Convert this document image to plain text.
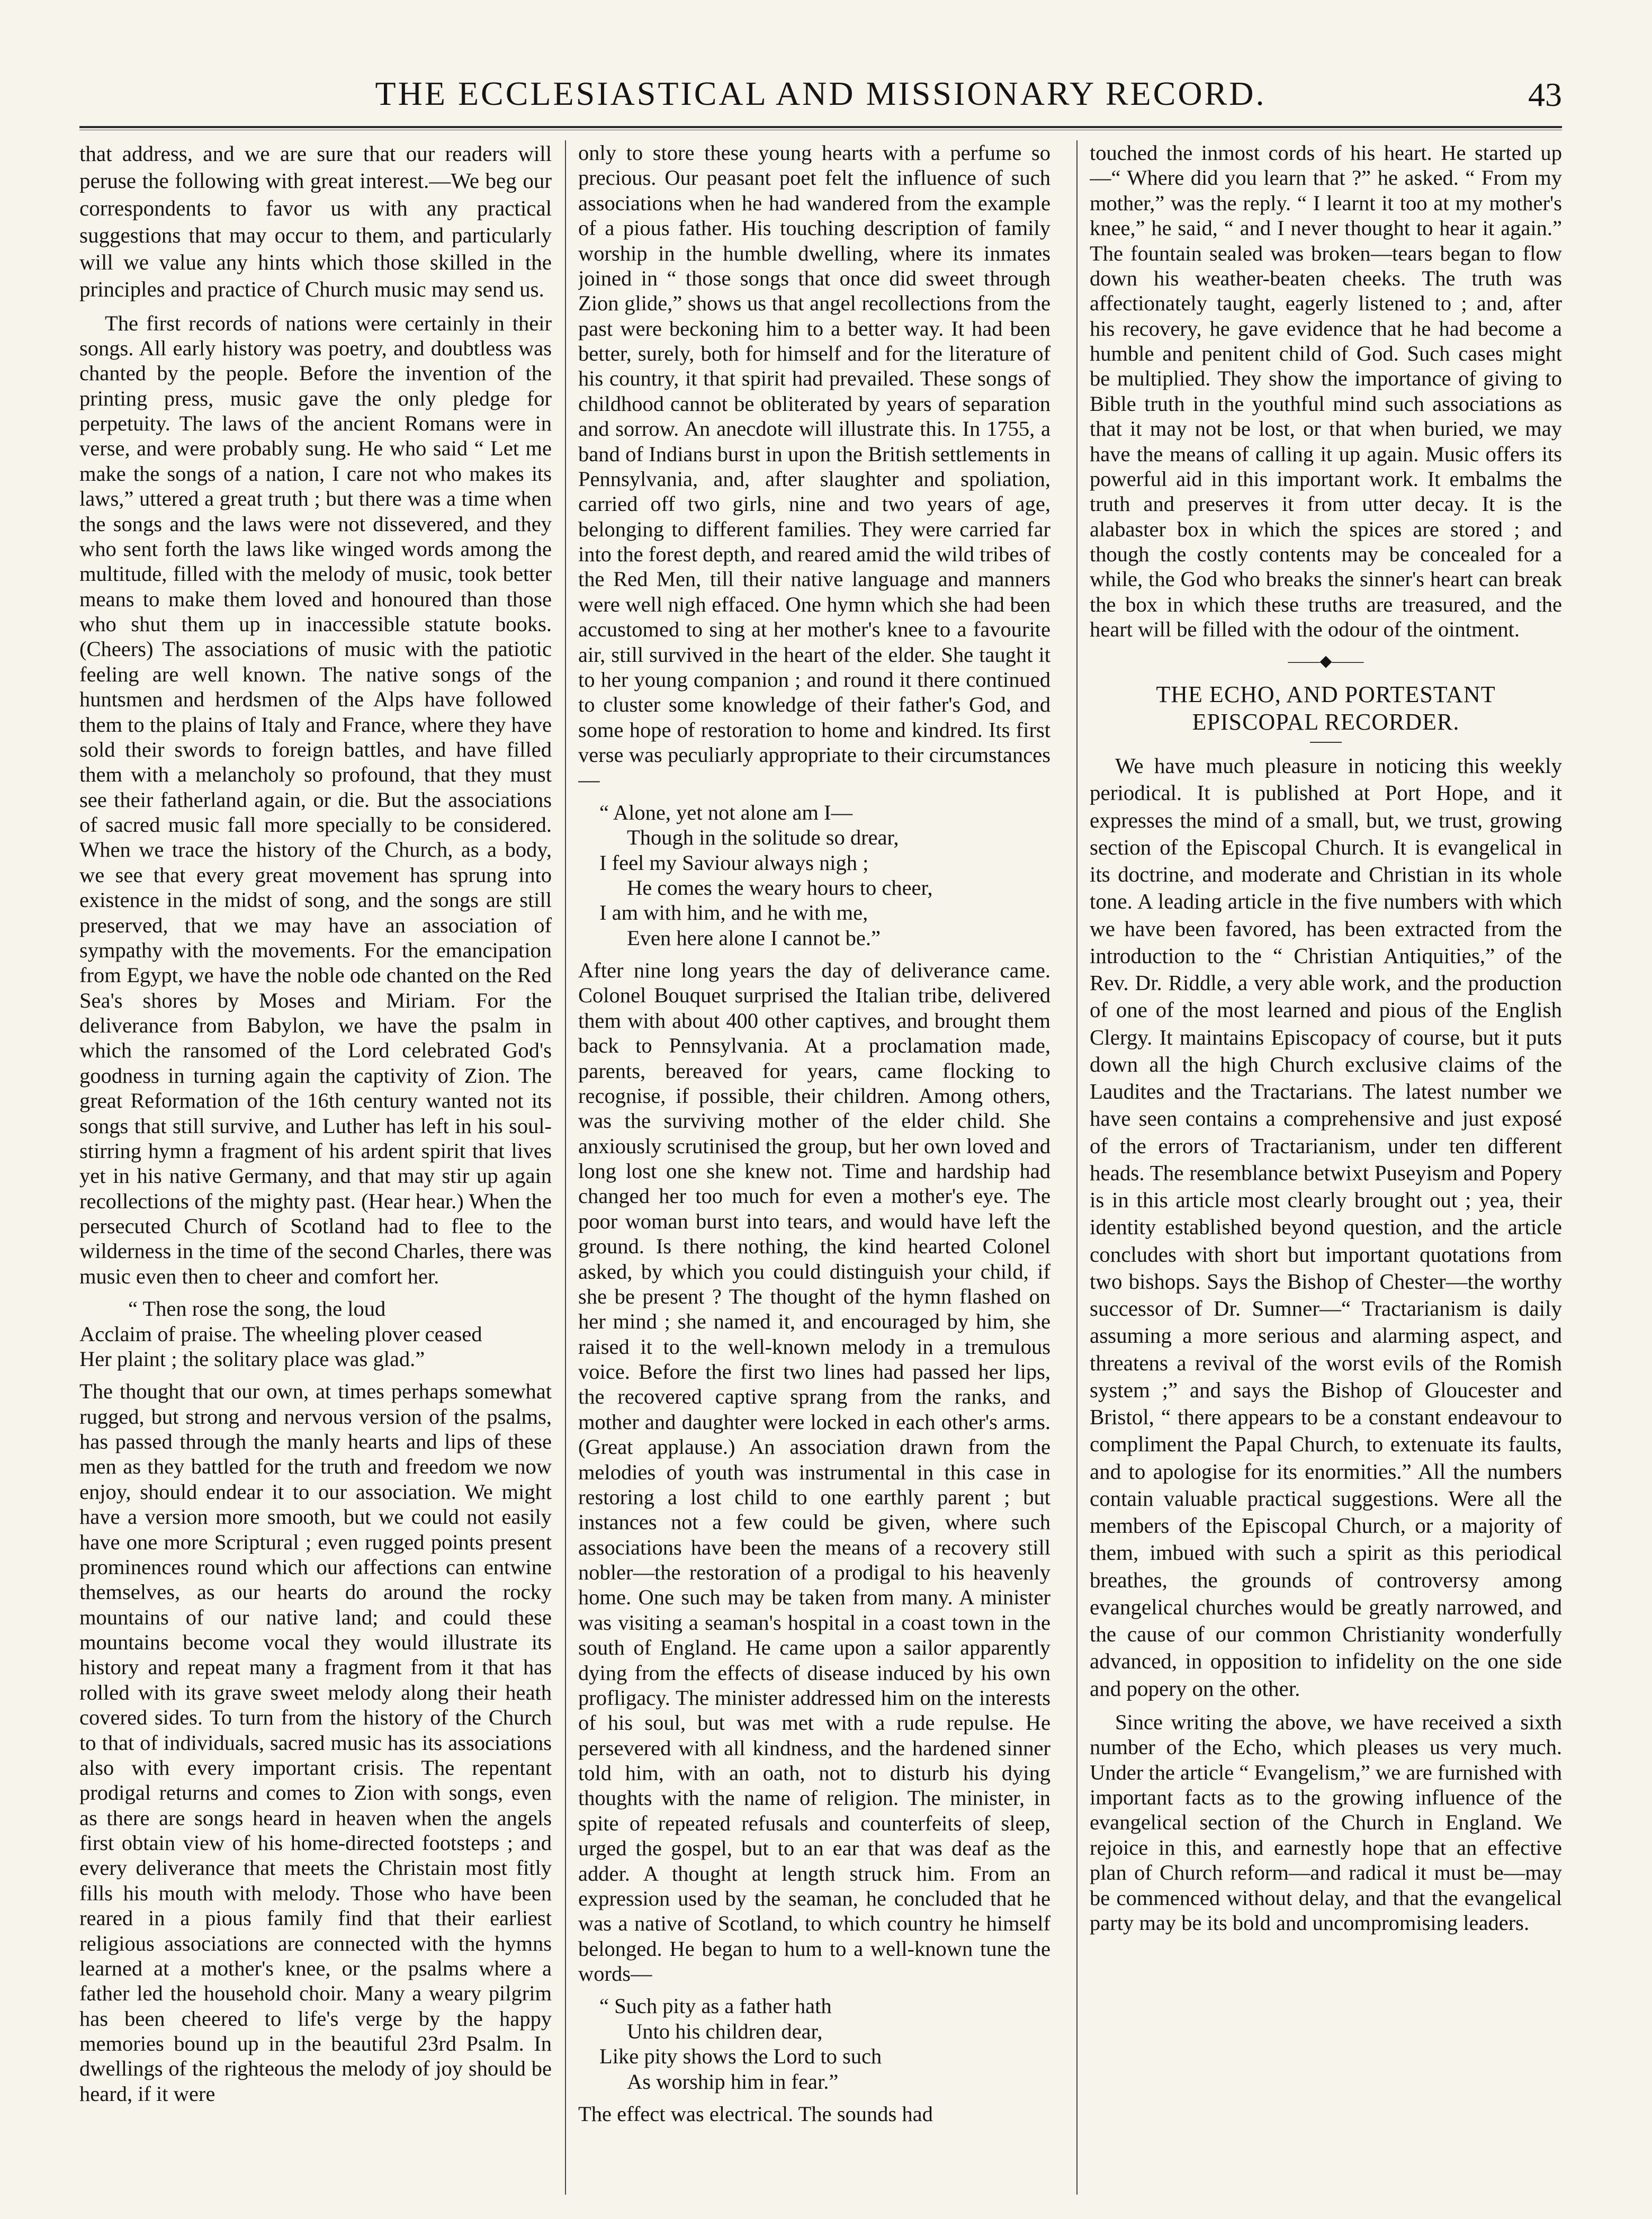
THE ECCLESIASTICAL AND MISSIONARY RECORD.	43

that address, and we are sure that our readers will peruse the following with great interest.—We beg our correspondents to favor us with any practical suggestions that may occur to them, and particularly will we value any hints which those skilled in the principles and practice of Church music may send us.

The first records of nations were certainly in their songs. All early history was poetry, and doubtless was chanted by the people. Before the invention of the printing press, music gave the only pledge for perpetuity. The laws of the ancient Romans were in verse, and were probably sung. He who said “ Let me make the songs of a nation, I care not who makes its laws,” uttered a great truth ; but there was a time when the songs and the laws were not dissevered, and they who sent forth the laws like winged words among the multitude, filled with the melody of music, took better means to make them loved and honoured than those who shut them up in inaccessible statute books. (Cheers) The associations of music with the patiotic feeling are well known. The native songs of the huntsmen and herdsmen of the Alps have followed them to the plains of Italy and France, where they have sold their swords to foreign battles, and have filled them with a melancholy so profound, that they must see their fatherland again, or die. But the associations of sacred music fall more specially to be considered. When we trace the history of the Church, as a body, we see that every great movement has sprung into existence in the midst of song, and the songs are still preserved, that we may have an association of sympathy with the movements. For the emancipation from Egypt, we have the noble ode chanted on the Red Sea's shores by Moses and Miriam. For the deliverance from Babylon, we have the psalm in which the ransomed of the Lord celebrated God's goodness in turning again the captivity of Zion. The great Reformation of the 16th century wanted not its songs that still survive, and Luther has left in his soul-stirring hymn a fragment of his ardent spirit that lives yet in his native Germany, and that may stir up again recollections of the mighty past. (Hear hear.) When the persecuted Church of Scotland had to flee to the wilderness in the time of the second Charles, there was music even then to cheer and comfort her.

“ Then rose the song, the loud
Acclaim of praise. The wheeling plover ceased
Her plaint ; the solitary place was glad.”

The thought that our own, at times perhaps somewhat rugged, but strong and nervous version of the psalms, has passed through the manly hearts and lips of these men as they battled for the truth and freedom we now enjoy, should endear it to our association. We might have a version more smooth, but we could not easily have one more Scriptural ; even rugged points present prominences round which our affections can entwine themselves, as our hearts do around the rocky mountains of our native land; and could these mountains become vocal they would illustrate its history and repeat many a fragment from it that has rolled with its grave sweet melody along their heath covered sides. To turn from the history of the Church to that of individuals, sacred music has its associations also with every important crisis. The repentant prodigal returns and comes to Zion with songs, even as there are songs heard in heaven when the angels first obtain view of his home-directed footsteps ; and every deliverance that meets the Christain most fitly fills his mouth with melody. Those who have been reared in a pious family find that their earliest religious associations are connected with the hymns learned at a mother's knee, or the psalms where a father led the household choir. Many a weary pilgrim has been cheered to life's verge by the happy memories bound up in the beautiful 23rd Psalm. In dwellings of the righteous the melody of joy should be heard, if it were

only to store these young hearts with a perfume so precious. Our peasant poet felt the influence of such associations when he had wandered from the example of a pious father. His touching description of family worship in the humble dwelling, where its inmates joined in “ those songs that once did sweet through Zion glide,” shows us that angel recollections from the past were beckoning him to a better way. It had been better, surely, both for himself and for the literature of his country, it that spirit had prevailed. These songs of childhood cannot be obliterated by years of separation and sorrow. An anecdote will illustrate this. In 1755, a band of Indians burst in upon the British settlements in Pennsylvania, and, after slaughter and spoliation, carried off two girls, nine and two years of age, belonging to different families. They were carried far into the forest depth, and reared amid the wild tribes of the Red Men, till their native language and manners were well nigh effaced. One hymn which she had been accustomed to sing at her mother's knee to a favourite air, still survived in the heart of the elder. She taught it to her young companion ; and round it there continued to cluster some knowledge of their father's God, and some hope of restoration to home and kindred. Its first verse was peculiarly appropriate to their circumstances—

“ Alone, yet not alone am I—
Though in the solitude so drear,
I feel my Saviour always nigh ;
He comes the weary hours to cheer,
I am with him, and he with me,
Even here alone I cannot be.”

After nine long years the day of deliverance came. Colonel Bouquet surprised the Italian tribe, delivered them with about 400 other captives, and brought them back to Pennsylvania. At a proclamation made, parents, bereaved for years, came flocking to recognise, if possible, their children. Among others, was the surviving mother of the elder child. She anxiously scrutinised the group, but her own loved and long lost one she knew not. Time and hardship had changed her too much for even a mother's eye. The poor woman burst into tears, and would have left the ground. Is there nothing, the kind hearted Colonel asked, by which you could distinguish your child, if she be present ? The thought of the hymn flashed on her mind ; she named it, and encouraged by him, she raised it to the well-known melody in a tremulous voice. Before the first two lines had passed her lips, the recovered captive sprang from the ranks, and mother and daughter were locked in each other's arms. (Great applause.) An association drawn from the melodies of youth was instrumental in this case in restoring a lost child to one earthly parent ; but instances not a few could be given, where such associations have been the means of a recovery still nobler—the restoration of a prodigal to his heavenly home. One such may be taken from many. A minister was visiting a seaman's hospital in a coast town in the south of England. He came upon a sailor apparently dying from the effects of disease induced by his own profligacy. The minister addressed him on the interests of his soul, but was met with a rude repulse. He persevered with all kindness, and the hardened sinner told him, with an oath, not to disturb his dying thoughts with the name of religion. The minister, in spite of repeated refusals and counterfeits of sleep, urged the gospel, but to an ear that was deaf as the adder. A thought at length struck him. From an expression used by the seaman, he concluded that he was a native of Scotland, to which country he himself belonged. He began to hum to a well-known tune the words—

“ Such pity as a father hath
Unto his children dear,
Like pity shows the Lord to such
As worship him in fear.”

The effect was electrical. The sounds had

touched the inmost cords of his heart. He started up—“ Where did you learn that ?” he asked. “ From my mother,” was the reply. “ I learnt it too at my mother's knee,” he said, “ and I never thought to hear it again.” The fountain sealed was broken—tears began to flow down his weather-beaten cheeks. The truth was affectionately taught, eagerly listened to ; and, after his recovery, he gave evidence that he had become a humble and penitent child of God. Such cases might be multiplied. They show the importance of giving to Bible truth in the youthful mind such associations as that it may not be lost, or that when buried, we may have the means of calling it up again. Music offers its powerful aid in this important work. It embalms the truth and preserves it from utter decay. It is the alabaster box in which the spices are stored ; and though the costly contents may be concealed for a while, the God who breaks the sinner's heart can break the box in which these truths are treasured, and the heart will be filled with the odour of the ointment.

——◆——
THE ECHO, AND PORTESTANT EPISCOPAL RECORDER.

We have much pleasure in noticing this weekly periodical. It is published at Port Hope, and it expresses the mind of a small, but, we trust, growing section of the Episcopal Church. It is evangelical in its doctrine, and moderate and Christian in its whole tone. A leading article in the five numbers with which we have been favored, has been extracted from the introduction to the “ Christian Antiquities,” of the Rev. Dr. Riddle, a very able work, and the production of one of the most learned and pious of the English Clergy. It maintains Episcopacy of course, but it puts down all the high Church exclusive claims of the Laudites and the Tractarians. The latest number we have seen contains a comprehensive and just exposé of the errors of Tractarianism, under ten different heads. The resemblance betwixt Puseyism and Popery is in this article most clearly brought out ; yea, their identity established beyond question, and the article concludes with short but important quotations from two bishops. Says the Bishop of Chester—the worthy successor of Dr. Sumner—“ Tractarianism is daily assuming a more serious and alarming aspect, and threatens a revival of the worst evils of the Romish system ;” and says the Bishop of Gloucester and Bristol, “ there appears to be a constant endeavour to compliment the Papal Church, to extenuate its faults, and to apologise for its enormities.” All the numbers contain valuable practical suggestions. Were all the members of the Episcopal Church, or a majority of them, imbued with such a spirit as this periodical breathes, the grounds of controversy among evangelical churches would be greatly narrowed, and the cause of our common Christianity wonderfully advanced, in opposition to infidelity on the one side and popery on the other.

Since writing the above, we have received a sixth number of the Echo, which pleases us very much. Under the article “ Evangelism,” we are furnished with important facts as to the growing influence of the evangelical section of the Church in England. We rejoice in this, and earnestly hope that an effective plan of Church reform—and radical it must be—may be commenced without delay, and that the evangelical party may be its bold and uncompromising leaders.
